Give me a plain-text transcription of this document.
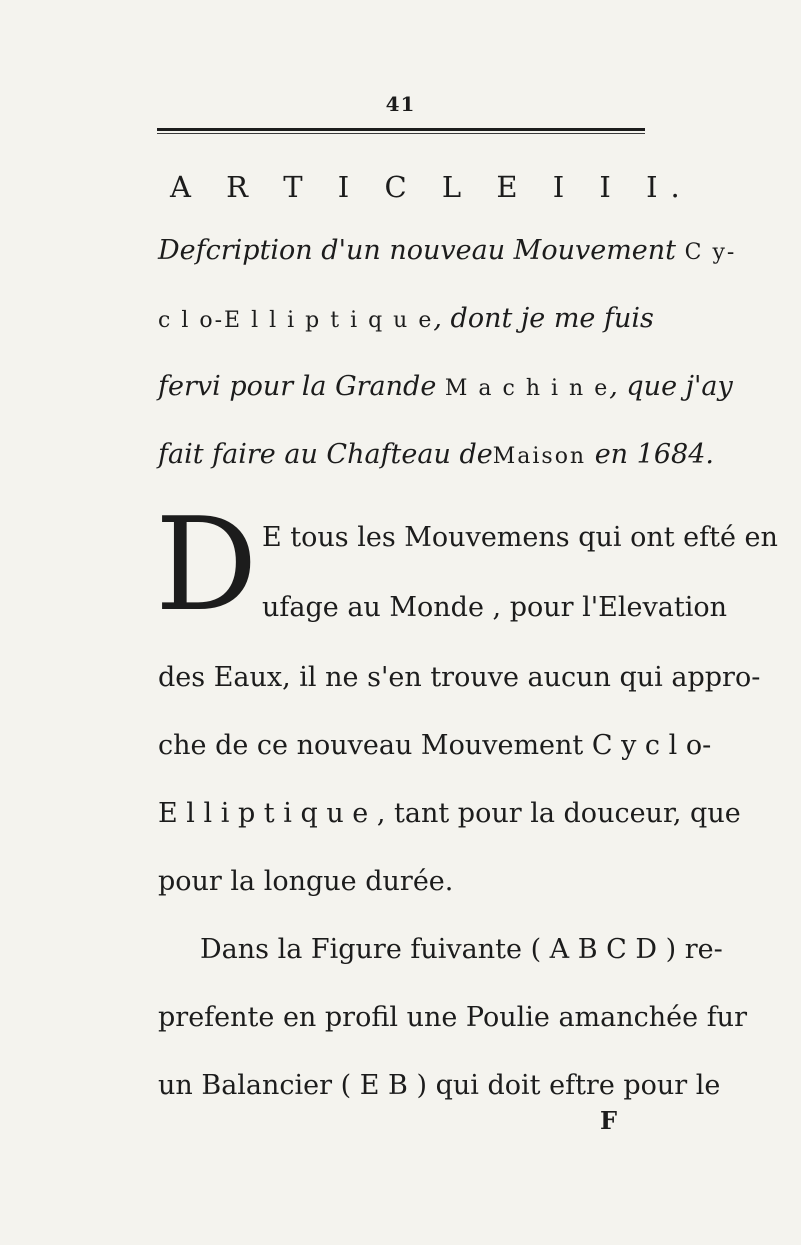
41
A R T I C L E I I I.
Defcription d'un nouveau Mouvement C y-
c l o-E l l i p t i q u e, dont je me fuis
fervi pour la Grande M a c h i n e, que j'ay
fait faire au Chafteau deMaison en 1684.
D E tous les Mouvemens qui ont efté en
ufage au Monde , pour l'Elevation
des Eaux, il ne s'en trouve aucun qui appro-
che de ce nouveau Mouvement C y c l o-
E l l i p t i q u e , tant pour la douceur, que
pour la longue durée.
Dans la Figure fuivante ( A B C D ) re-
prefente en profil une Poulie amanchée fur
un Balancier ( E B ) qui doit eftre pour le
F
